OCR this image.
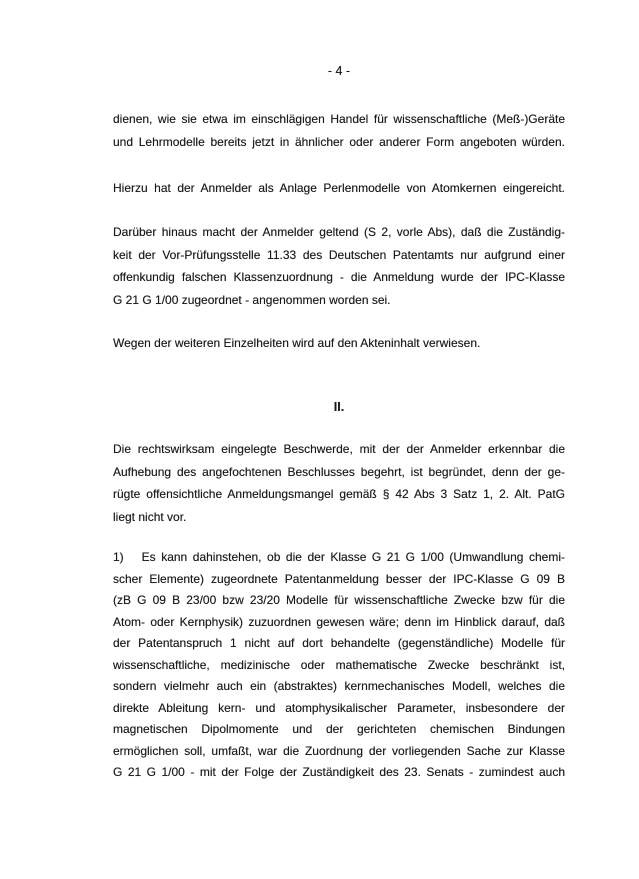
- 4 -
dienen, wie sie etwa im einschlägigen Handel für wissenschaftliche (Meß-)Geräte
und Lehrmodelle bereits jetzt in ähnlicher oder anderer Form angeboten würden.
Hierzu hat der Anmelder als Anlage Perlenmodelle von Atomkernen eingereicht.
Darüber hinaus macht der Anmelder geltend (S 2, vorle Abs), daß die Zuständig-
keit der Vor-Prüfungsstelle 11.33 des Deutschen Patentamts nur aufgrund einer
offenkundig falschen Klassenzuordnung - die Anmeldung wurde der IPC-Klasse
G 21 G 1/00 zugeordnet - angenommen worden sei.
Wegen der weiteren Einzelheiten wird auf den Akteninhalt verwiesen.
II.
Die rechtswirksam eingelegte Beschwerde, mit der der Anmelder erkennbar die
Aufhebung des angefochtenen Beschlusses begehrt, ist begründet, denn der ge-
rügte offensichtliche Anmeldungsmangel gemäß § 42 Abs 3 Satz 1, 2. Alt. PatG
liegt nicht vor.
1)   Es kann dahinstehen, ob die der Klasse G 21 G 1/00 (Umwandlung chemi-
scher Elemente) zugeordnete Patentanmeldung besser der IPC-Klasse G 09 B
(zB G 09 B 23/00 bzw 23/20 Modelle für wissenschaftliche Zwecke bzw für die
Atom- oder Kernphysik) zuzuordnen gewesen wäre; denn im Hinblick darauf, daß
der Patentanspruch 1 nicht auf dort behandelte (gegenständliche) Modelle für
wissenschaftliche, medizinische oder mathematische Zwecke beschränkt ist,
sondern vielmehr auch ein (abstraktes) kernmechanisches Modell, welches die
direkte Ableitung kern- und atomphysikalischer Parameter, insbesondere der
magnetischen Dipolmomente und der gerichteten chemischen Bindungen
ermöglichen soll, umfaßt, war die Zuordnung der vorliegenden Sache zur Klasse
G 21 G 1/00 - mit der Folge der Zuständigkeit des 23. Senats - zumindest auch
